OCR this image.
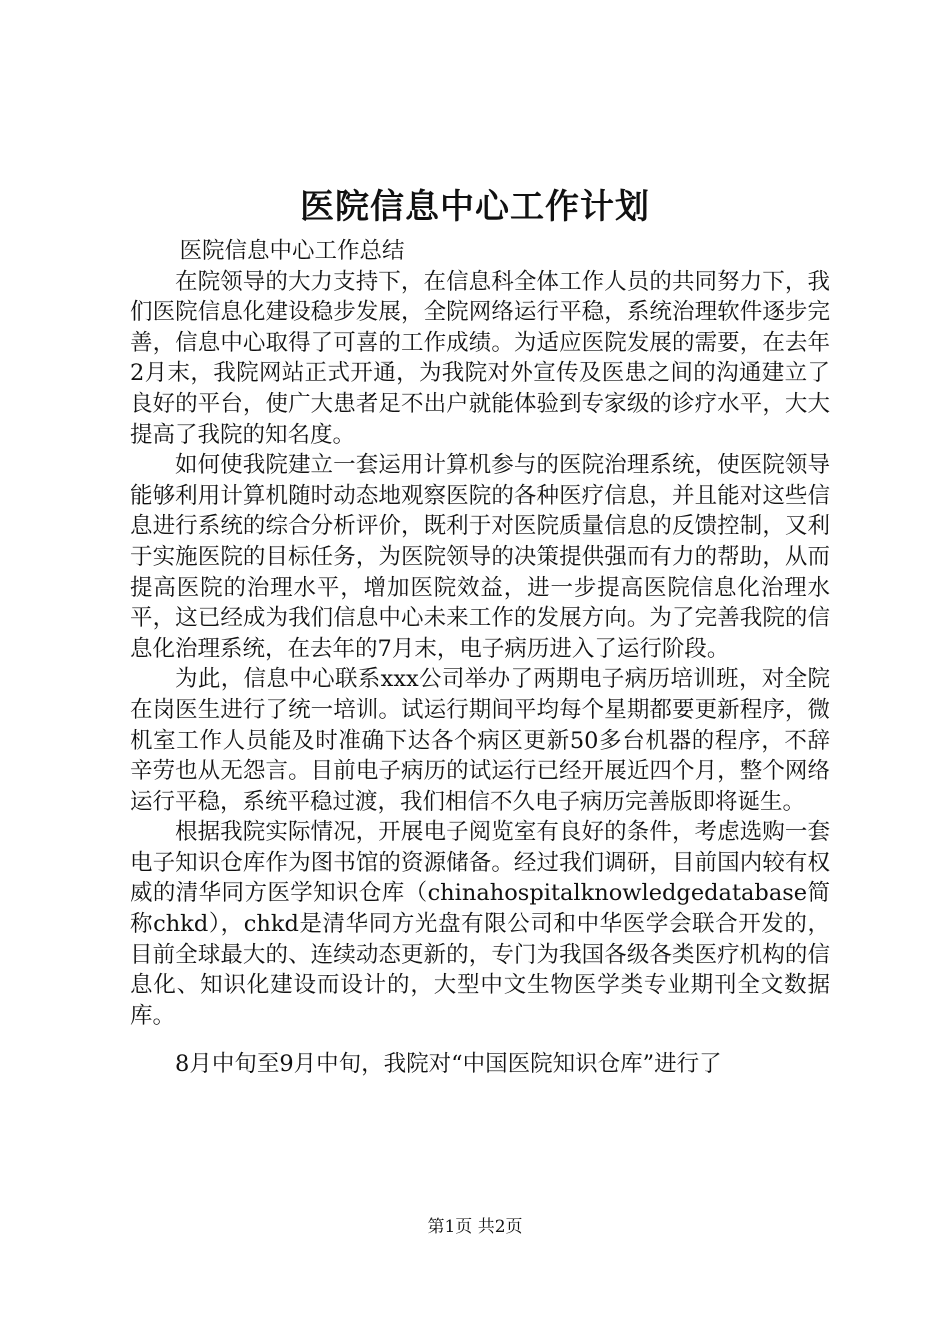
医院信息中心工作计划

医院信息中心工作总结

在院领导的大力支持下，在信息科全体工作人员的共同努力下，我们医院信息化建设稳步发展，全院网络运行平稳，系统治理软件逐步完善，信息中心取得了可喜的工作成绩。为适应医院发展的需要，在去年2月末，我院网站正式开通，为我院对外宣传及医患之间的沟通建立了良好的平台，使广大患者足不出户就能体验到专家级的诊疗水平，大大提高了我院的知名度。

如何使我院建立一套运用计算机参与的医院治理系统，使医院领导能够利用计算机随时动态地观察医院的各种医疗信息，并且能对这些信息进行系统的综合分析评价，既利于对医院质量信息的反馈控制，又利于实施医院的目标任务，为医院领导的决策提供强而有力的帮助，从而提高医院的治理水平，增加医院效益，进一步提高医院信息化治理水平，这已经成为我们信息中心未来工作的发展方向。为了完善我院的信息化治理系统，在去年的7月末，电子病历进入了运行阶段。

为此，信息中心联系xxx公司举办了两期电子病历培训班，对全院在岗医生进行了统一培训。试运行期间平均每个星期都要更新程序，微机室工作人员能及时准确下达各个病区更新50多台机器的程序，不辞辛劳也从无怨言。目前电子病历的试运行已经开展近四个月，整个网络运行平稳，系统平稳过渡，我们相信不久电子病历完善版即将诞生。

根据我院实际情况，开展电子阅览室有良好的条件，考虑选购一套电子知识仓库作为图书馆的资源储备。经过我们调研，目前国内较有权威的清华同方医学知识仓库（chinahospitalknowledgedatabase简称chkd），chkd是清华同方光盘有限公司和中华医学会联合开发的，目前全球最大的、连续动态更新的，专门为我国各级各类医疗机构的信息化、知识化建设而设计的，大型中文生物医学类专业期刊全文数据库。

8月中旬至9月中旬，我院对“中国医院知识仓库”进行了

第1页 共2页
